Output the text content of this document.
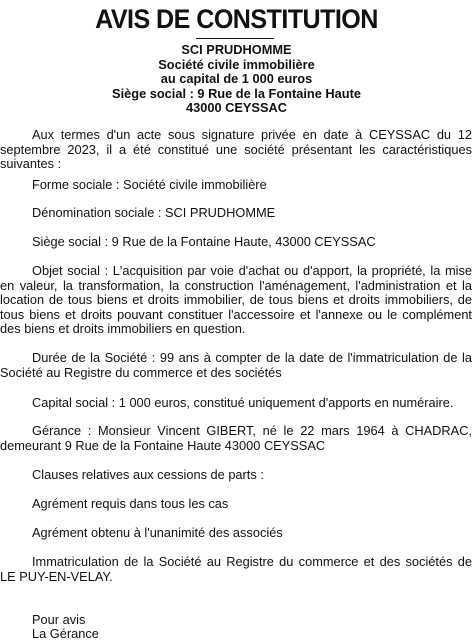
AVIS DE CONSTITUTION
SCI PRUDHOMME
Société civile immobilière
au capital de 1 000 euros
Siège social : 9 Rue de la Fontaine Haute
43000 CEYSSAC

Aux termes d'un acte sous signature privée en date à CEYSSAC du 12 septembre 2023, il a été constitué une société présentant les caractéristiques suivantes :

Forme sociale : Société civile immobilière

Dénomination sociale : SCI PRUDHOMME

Siège social : 9 Rue de la Fontaine Haute, 43000 CEYSSAC

Objet social : L'acquisition par voie d'achat ou d'apport, la propriété, la mise en valeur, la transformation, la construction l'aménagement, l'administration et la location de tous biens et droits immobilier, de tous biens et droits immobiliers, de tous biens et droits pouvant constituer l'accessoire et l'annexe ou le complément des biens et droits immobiliers en question.

Durée de la Société : 99 ans à compter de la date de l'immatriculation de la Société au Registre du commerce et des sociétés

Capital social : 1 000 euros, constitué uniquement d'apports en numéraire.

Gérance : Monsieur Vincent GIBERT, né le 22 mars 1964 à CHADRAC, demeurant 9 Rue de la Fontaine Haute 43000 CEYSSAC

Clauses relatives aux cessions de parts :

Agrément requis dans tous les cas

Agrément obtenu à l'unanimité des associés

Immatriculation de la Société au Registre du commerce et des sociétés de LE PUY-EN-VELAY.

Pour avis

La Gérance
